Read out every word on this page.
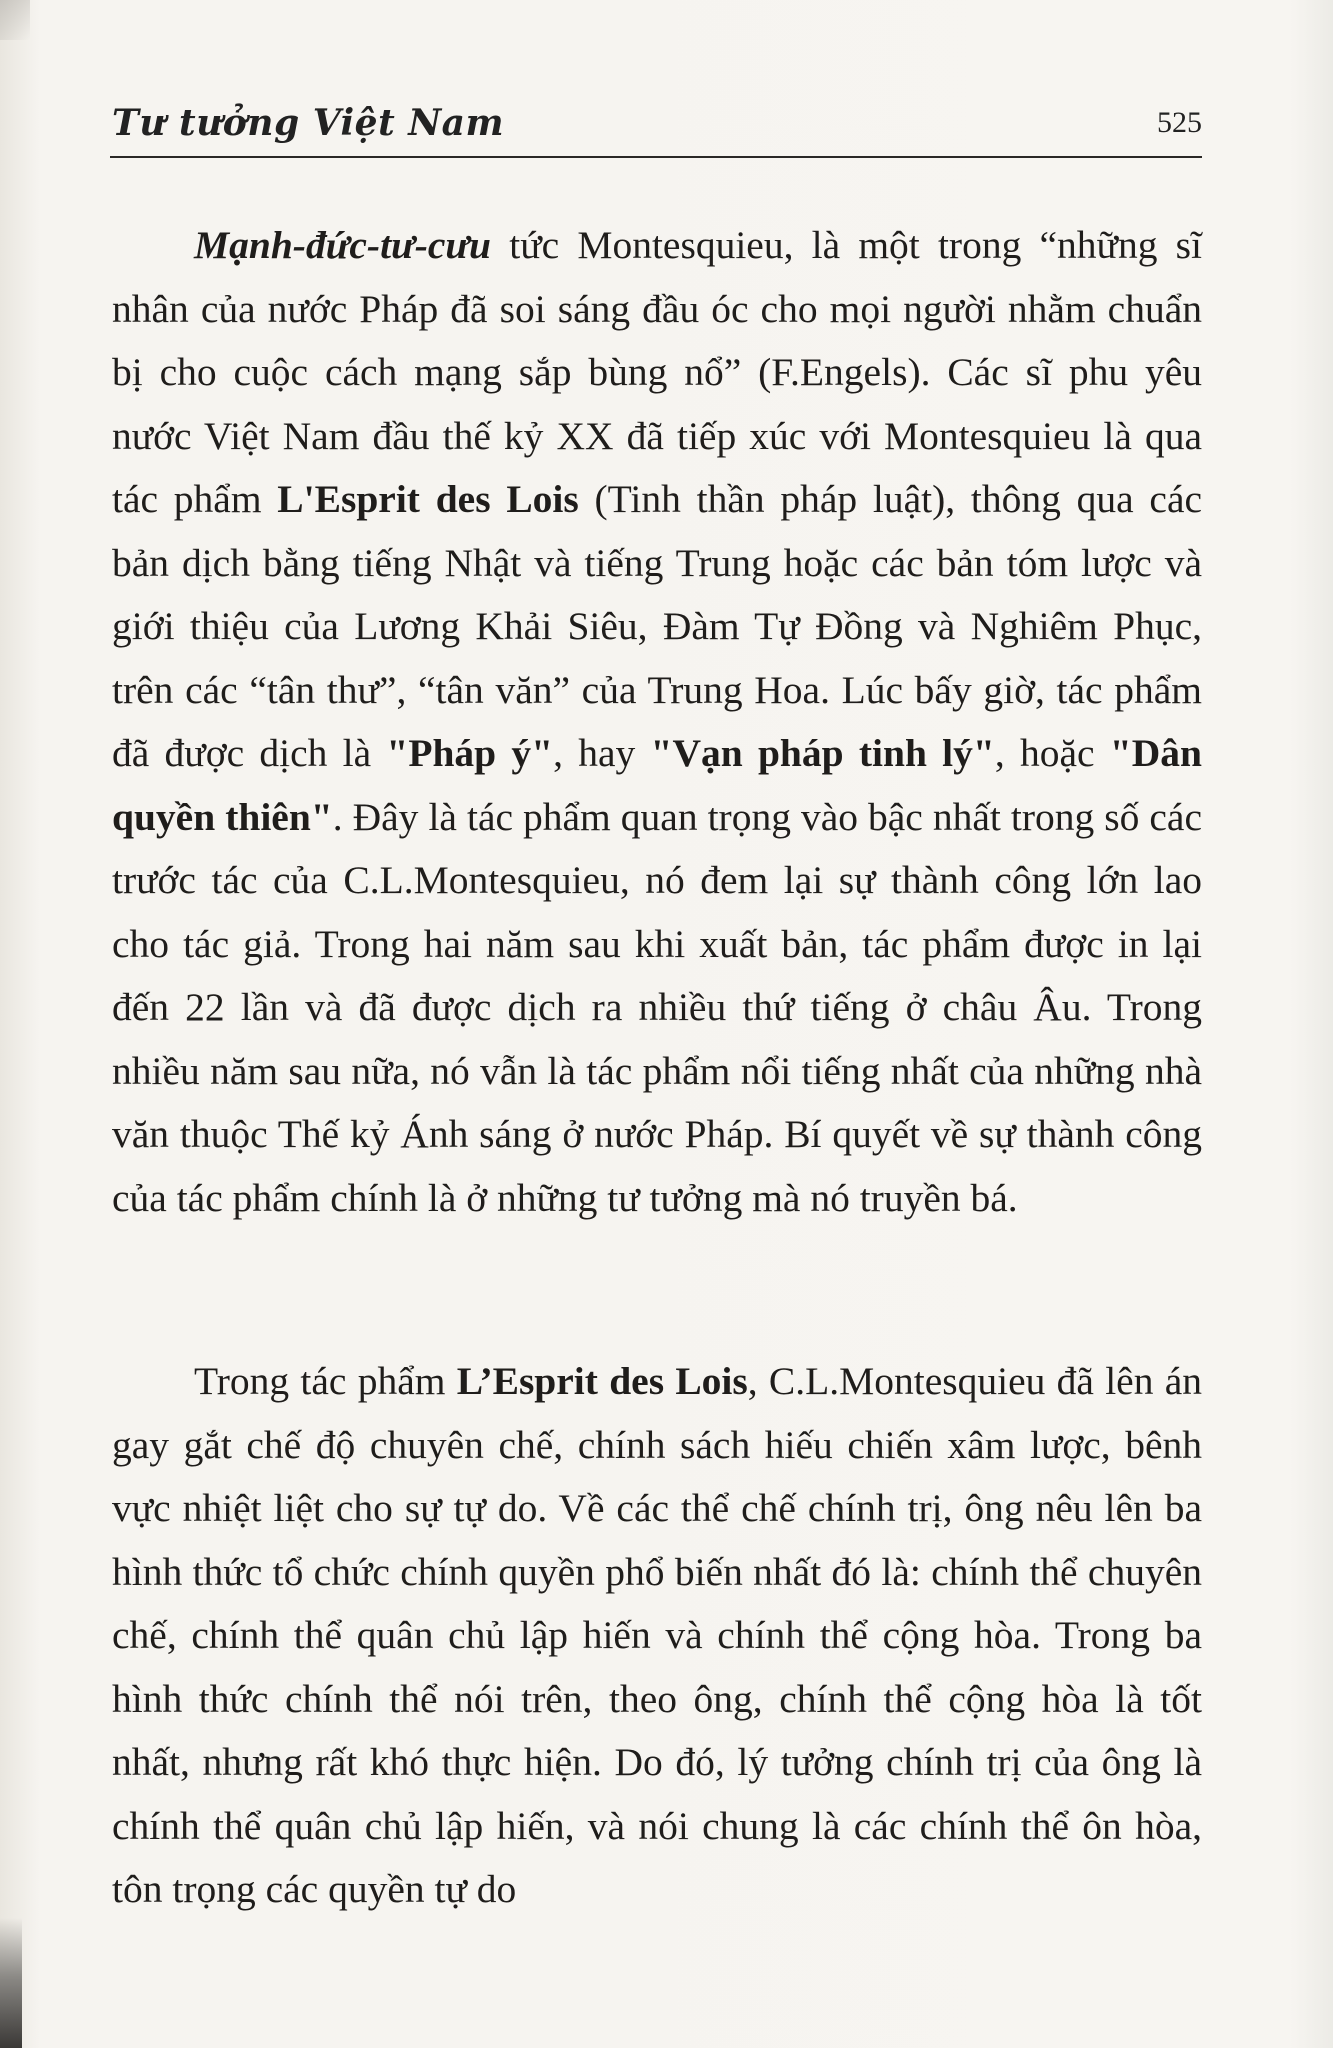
Tư tưởng Việt Nam	525

Mạnh-đức-tư-cưu tức Montesquieu, là một trong “những sĩ nhân của nước Pháp đã soi sáng đầu óc cho mọi người nhằm chuẩn bị cho cuộc cách mạng sắp bùng nổ” (F.Engels). Các sĩ phu yêu nước Việt Nam đầu thế kỷ XX đã tiếp xúc với Montesquieu là qua tác phẩm L'Esprit des Lois (Tinh thần pháp luật), thông qua các bản dịch bằng tiếng Nhật và tiếng Trung hoặc các bản tóm lược và giới thiệu của Lương Khải Siêu, Đàm Tự Đồng và Nghiêm Phục, trên các “tân thư”, “tân văn” của Trung Hoa. Lúc bấy giờ, tác phẩm đã được dịch là "Pháp ý", hay "Vạn pháp tinh lý", hoặc "Dân quyền thiên". Đây là tác phẩm quan trọng vào bậc nhất trong số các trước tác của C.L.Montesquieu, nó đem lại sự thành công lớn lao cho tác giả. Trong hai năm sau khi xuất bản, tác phẩm được in lại đến 22 lần và đã được dịch ra nhiều thứ tiếng ở châu Âu. Trong nhiều năm sau nữa, nó vẫn là tác phẩm nổi tiếng nhất của những nhà văn thuộc Thế kỷ Ánh sáng ở nước Pháp. Bí quyết về sự thành công của tác phẩm chính là ở những tư tưởng mà nó truyền bá.

Trong tác phẩm L’Esprit des Lois, C.L.Montesquieu đã lên án gay gắt chế độ chuyên chế, chính sách hiếu chiến xâm lược, bênh vực nhiệt liệt cho sự tự do. Về các thể chế chính trị, ông nêu lên ba hình thức tổ chức chính quyền phổ biến nhất đó là: chính thể chuyên chế, chính thể quân chủ lập hiến và chính thể cộng hòa. Trong ba hình thức chính thể nói trên, theo ông, chính thể cộng hòa là tốt nhất, nhưng rất khó thực hiện. Do đó, lý tưởng chính trị của ông là chính thể quân chủ lập hiến, và nói chung là các chính thể ôn hòa, tôn trọng các quyền tự do
